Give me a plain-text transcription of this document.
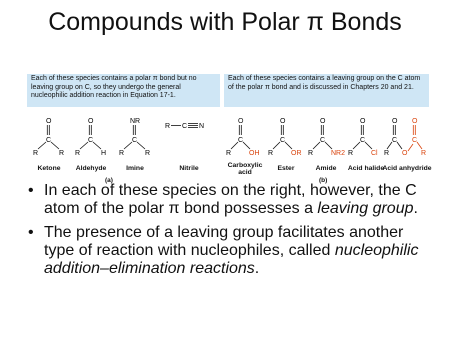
Compounds with Polar π Bonds
Each of these species contains a polar π bond but no leaving group on C, so they undergo the general nucleophilic addition reaction in Equation 17-1.
O
C
R	R
Ketone
O
C
R	H
Aldehyde
NR
C
R	R
Imine
R C N
Nitrile
(a)
Each of these species contains a leaving group on the C atom of the polar π bond and is discussed in Chapters 20 and 21.
O
C
R	OH
Carboxylic acid
O
C
R	OR
Ester
O
C
R	NR2
Amide
O
C
R	Cl
Acid halide
O
C
R O
O
C
R
Acid anhydride
(b)
• In each of these species on the right, however, the C atom of the polar π bond possesses a leaving group.
• The presence of a leaving group facilitates another type of reaction with nucleophiles, called nucleophilic addition–elimination reactions.
